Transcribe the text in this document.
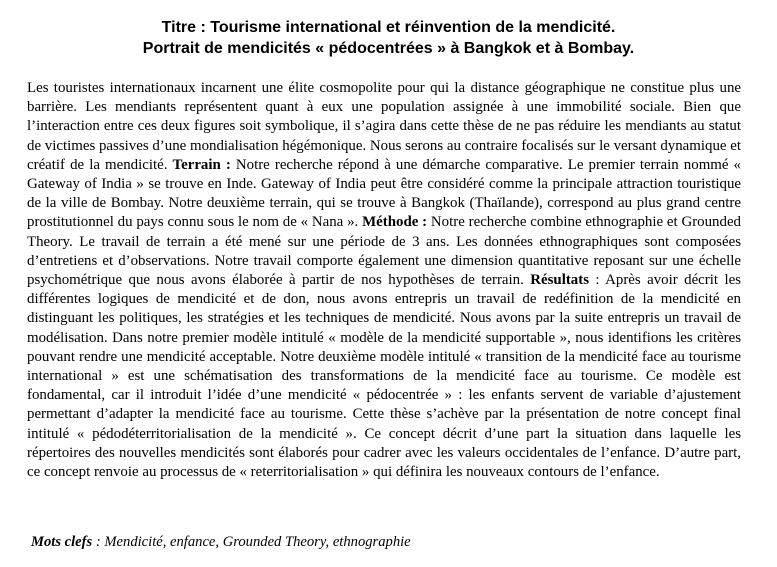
Titre : Tourisme international et réinvention de la mendicité.
Portrait de mendicités « pédocentrées » à Bangkok et à Bombay.

Les touristes internationaux incarnent une élite cosmopolite pour qui la distance géographique ne constitue plus une barrière. Les mendiants représentent quant à eux une population assignée à une immobilité sociale. Bien que l’interaction entre ces deux figures soit symbolique, il s’agira dans cette thèse de ne pas réduire les mendiants au statut de victimes passives d’une mondialisation hégémonique. Nous serons au contraire focalisés sur le versant dynamique et créatif de la mendicité. Terrain : Notre recherche répond à une démarche comparative. Le premier terrain nommé « Gateway of India » se trouve en Inde. Gateway of India peut être considéré comme la principale attraction touristique de la ville de Bombay. Notre deuxième terrain, qui se trouve à Bangkok (Thaïlande), correspond au plus grand centre prostitutionnel du pays connu sous le nom de « Nana ». Méthode : Notre recherche combine ethnographie et Grounded Theory. Le travail de terrain a été mené sur une période de 3 ans. Les données ethnographiques sont composées d’entretiens et d’observations. Notre travail comporte également une dimension quantitative reposant sur une échelle psychométrique que nous avons élaborée à partir de nos hypothèses de terrain. Résultats : Après avoir décrit les différentes logiques de mendicité et de don, nous avons entrepris un travail de redéfinition de la mendicité en distinguant les politiques, les stratégies et les techniques de mendicité. Nous avons par la suite entrepris un travail de modélisation. Dans notre premier modèle intitulé « modèle de la mendicité supportable », nous identifions les critères pouvant rendre une mendicité acceptable. Notre deuxième modèle intitulé « transition de la mendicité face au tourisme international » est une schématisation des transformations de la mendicité face au tourisme. Ce modèle est fondamental, car il introduit l’idée d’une mendicité « pédocentrée » : les enfants servent de variable d’ajustement permettant d’adapter la mendicité face au tourisme. Cette thèse s’achève par la présentation de notre concept final intitulé « pédodéterritorialisation de la mendicité ». Ce concept décrit d’une part la situation dans laquelle les répertoires des nouvelles mendicités sont élaborés pour cadrer avec les valeurs occidentales de l’enfance. D’autre part, ce concept renvoie au processus de « reterritorialisation » qui définira les nouveaux contours de l’enfance.

Mots clefs : Mendicité, enfance, Grounded Theory, ethnographie
